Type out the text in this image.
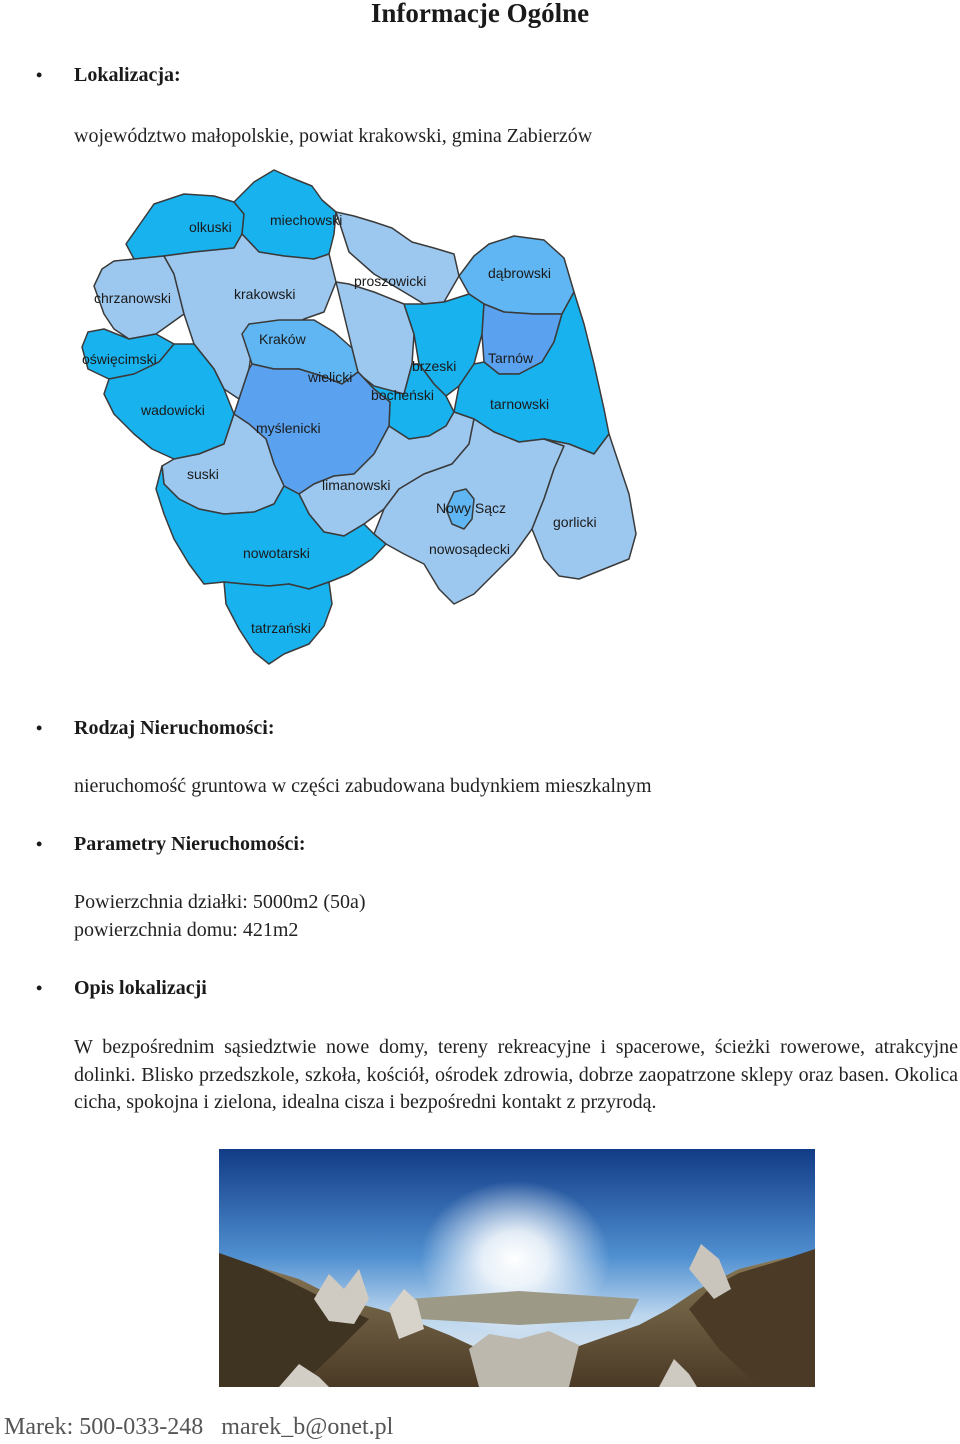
Informacje Ogólne

• Lokalizacja:

województwo małopolskie, powiat krakowski, gmina Zabierzów

olkuski	miechowski
chrzanowski	krakowski
proszowicki	dąbrowski
Kraków
oświęcimski
wielicki
brzeski Tarnów
bocheński
wadowicki	tarnowski
myślenicki
suski
limanowski
Nowy Sącz
gorlicki
nowosądecki
nowotarski
tatrzański

• Rodzaj Nieruchomości:

nieruchomość gruntowa w części zabudowana budynkiem mieszkalnym

• Parametry Nieruchomości:

Powierzchnia działki: 5000m2 (50a)

powierzchnia domu: 421m2

• Opis lokalizacji

W bezpośrednim sąsiedztwie nowe domy, tereny rekreacyjne i spacerowe, ścieżki rowerowe, atrakcyjne dolinki. Blisko przedszkole, szkoła, kościół, ośrodek zdrowia, dobrze zaopatrzone sklepy oraz basen. Okolica cicha, spokojna i zielona, idealna cisza i bezpośredni kontakt z przyrodą.

Marek: 500-033-248 marek_b@onet.pl
